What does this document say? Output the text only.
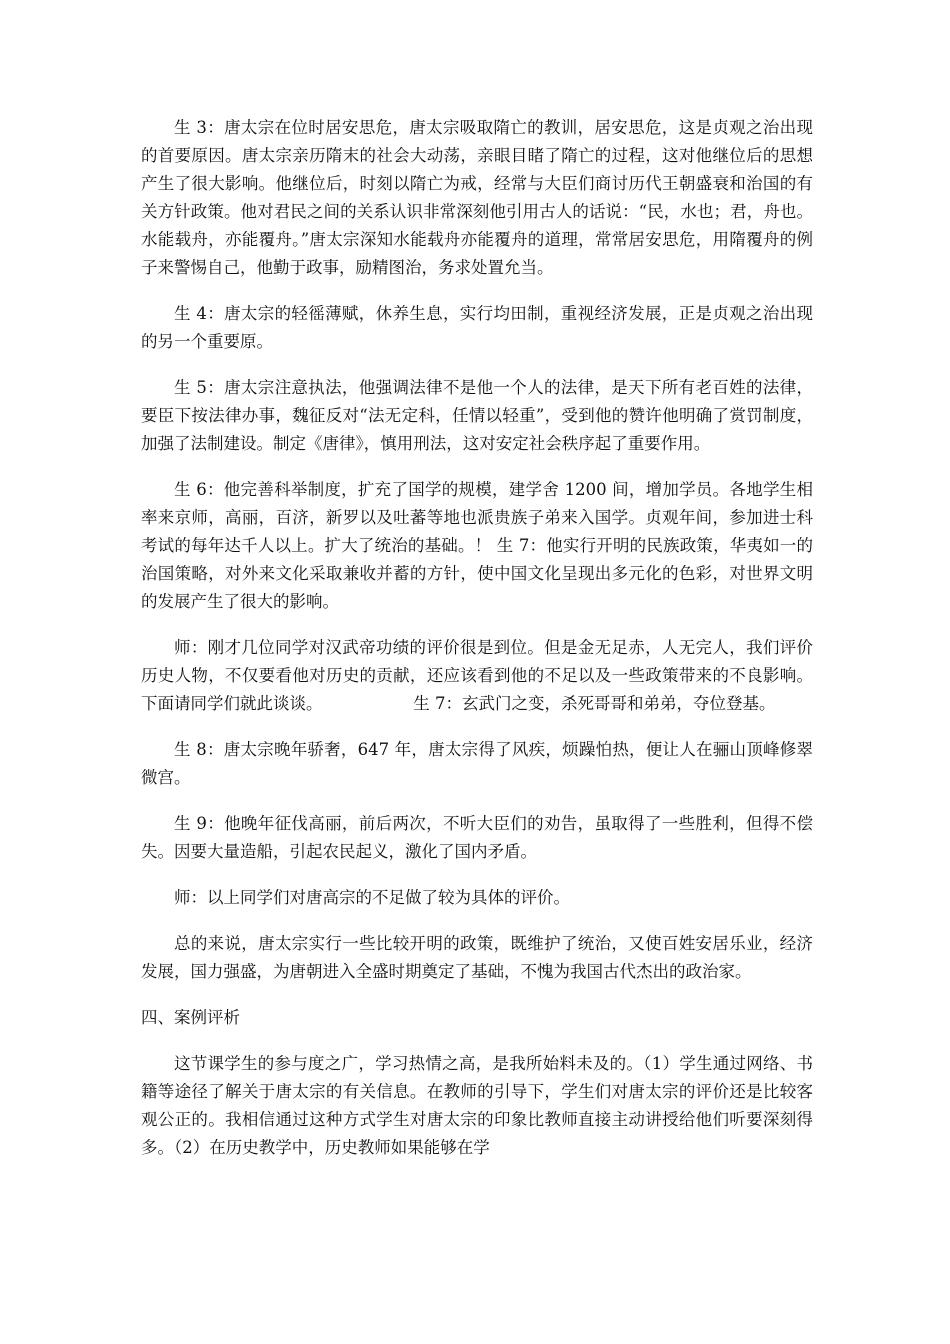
生 3：唐太宗在位时居安思危，唐太宗吸取隋亡的教训，居安思危，这是贞观之治出现的首要原因。唐太宗亲历隋末的社会大动荡，亲眼目睹了隋亡的过程，这对他继位后的思想产生了很大影响。他继位后，时刻以隋亡为戒，经常与大臣们商讨历代王朝盛衰和治国的有关方针政策。他对君民之间的关系认识非常深刻他引用古人的话说：“民，水也；君，舟也。水能载舟，亦能覆舟。”唐太宗深知水能载舟亦能覆舟的道理，常常居安思危，用隋覆舟的例子来警惕自己，他勤于政事，励精图治，务求处置允当。

生 4：唐太宗的轻徭薄赋，休养生息，实行均田制，重视经济发展，正是贞观之治出现的另一个重要原。

生 5：唐太宗注意执法，他强调法律不是他一个人的法律，是天下所有老百姓的法律，要臣下按法律办事，魏征反对“法无定科，任情以轻重”，受到他的赞许他明确了赏罚制度，加强了法制建设。制定《唐律》，慎用刑法，这对安定社会秩序起了重要作用。

生 6：他完善科举制度，扩充了国学的规模，建学舍 1200 间，增加学员。各地学生相率来京师，高丽，百济，新罗以及吐蕃等地也派贵族子弟来入国学。贞观年间，参加进士科考试的每年达千人以上。扩大了统治的基础。！ 生 7：他实行开明的民族政策，华夷如一的治国策略，对外来文化采取兼收并蓄的方针，使中国文化呈现出多元化的色彩，对世界文明的发展产生了很大的影响。

师：刚才几位同学对汉武帝功绩的评价很是到位。但是金无足赤，人无完人，我们评价历史人物，不仅要看他对历史的贡献，还应该看到他的不足以及一些政策带来的不良影响。下面请同学们就此谈谈。　　　　　　生 7：玄武门之变，杀死哥哥和弟弟，夺位登基。

生 8：唐太宗晚年骄奢，647 年，唐太宗得了风疾，烦躁怕热，便让人在骊山顶峰修翠微宫。

生 9：他晚年征伐高丽，前后两次，不听大臣们的劝告，虽取得了一些胜利，但得不偿失。因要大量造船，引起农民起义，激化了国内矛盾。

师：以上同学们对唐高宗的不足做了较为具体的评价。

总的来说，唐太宗实行一些比较开明的政策，既维护了统治，又使百姓安居乐业，经济发展，国力强盛，为唐朝进入全盛时期奠定了基础，不愧为我国古代杰出的政治家。

四、案例评析

这节课学生的参与度之广，学习热情之高，是我所始料未及的。（1）学生通过网络、书籍等途径了解关于唐太宗的有关信息。在教师的引导下，学生们对唐太宗的评价还是比较客观公正的。我相信通过这种方式学生对唐太宗的印象比教师直接主动讲授给他们听要深刻得多。（2）在历史教学中，历史教师如果能够在学
